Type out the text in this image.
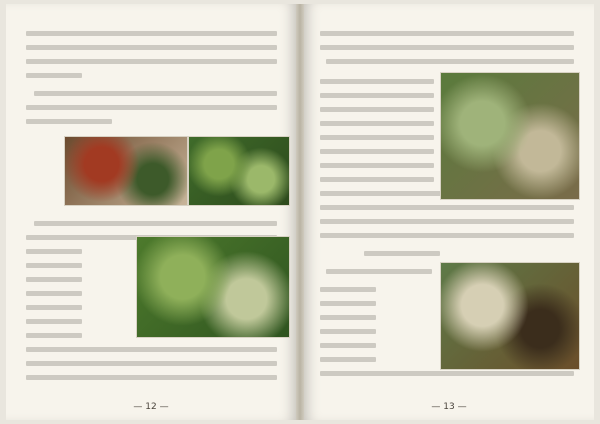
— 12 —	— 13 —
